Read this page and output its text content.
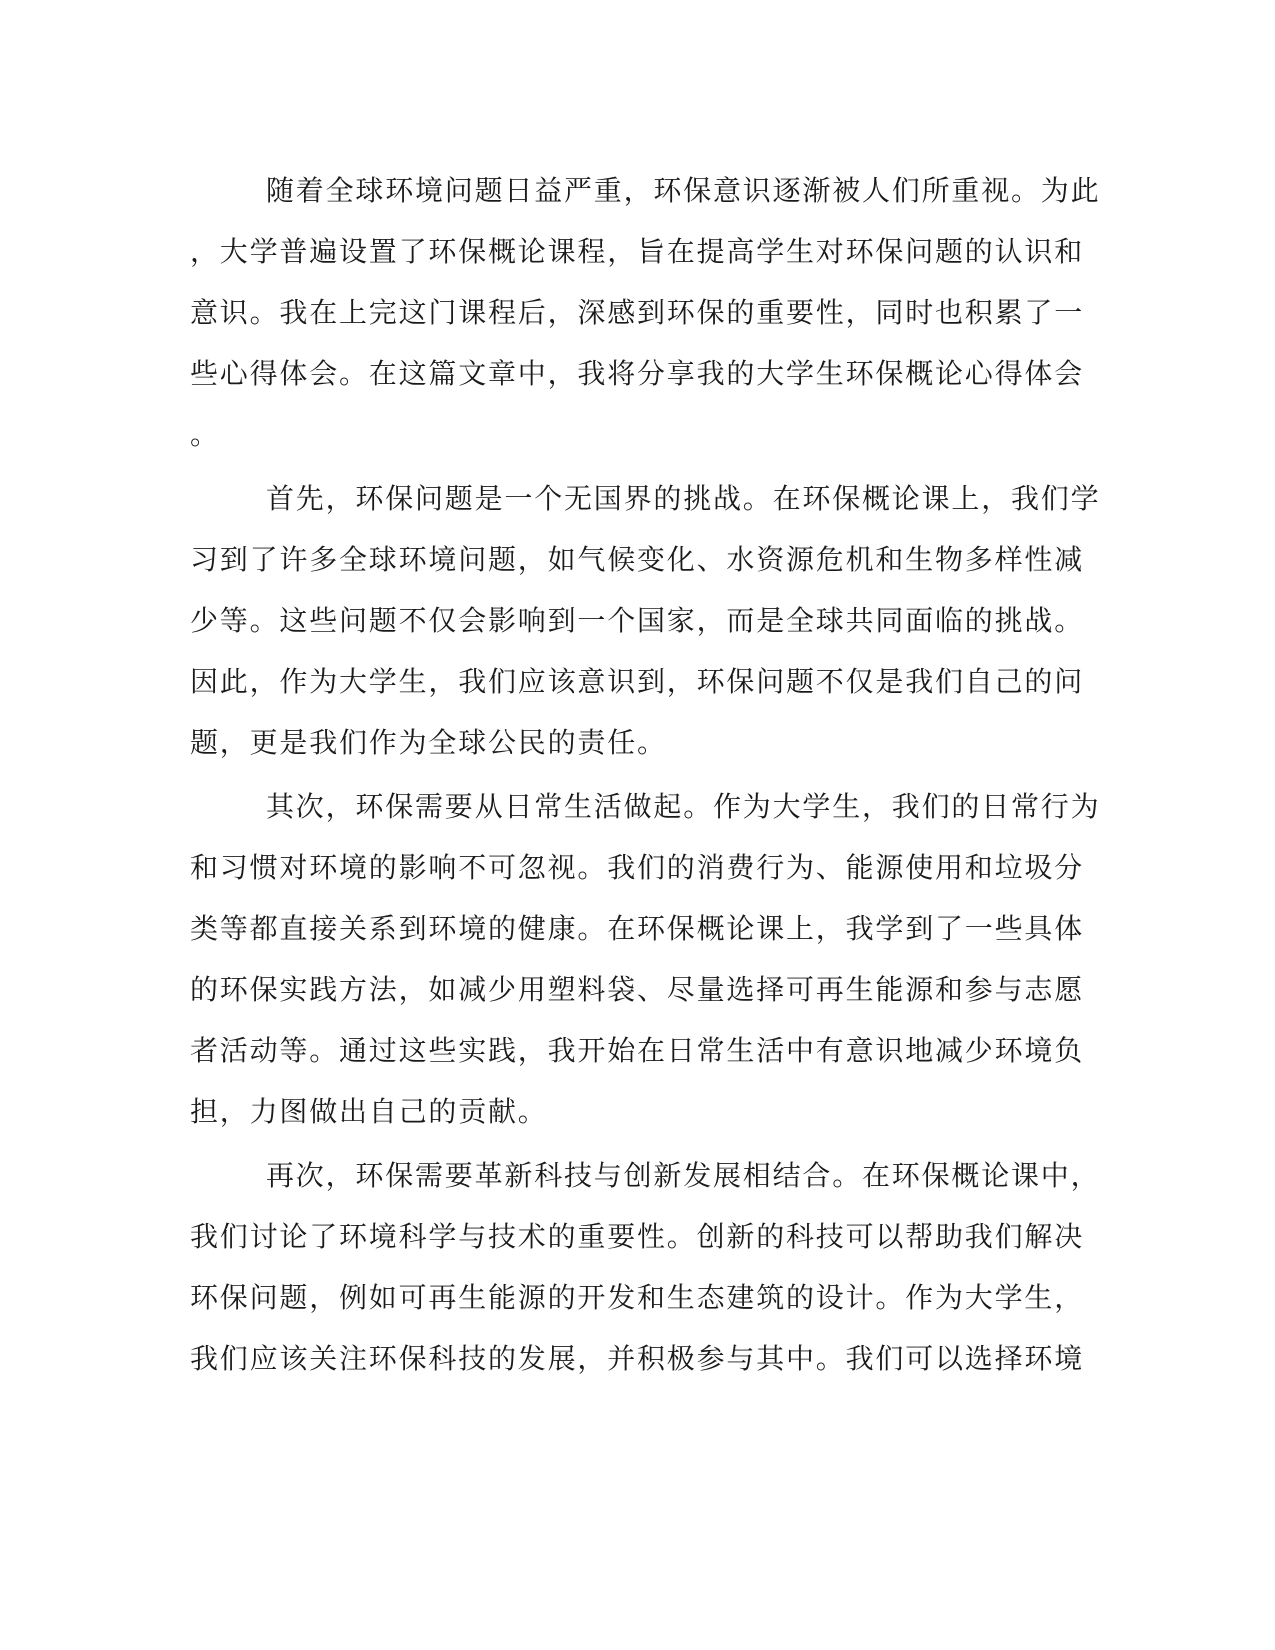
随着全球环境问题日益严重，环保意识逐渐被人们所重视。为此
，大学普遍设置了环保概论课程，旨在提高学生对环保问题的认识和
意识。我在上完这门课程后，深感到环保的重要性，同时也积累了一
些心得体会。在这篇文章中，我将分享我的大学生环保概论心得体会
。
首先，环保问题是一个无国界的挑战。在环保概论课上，我们学
习到了许多全球环境问题，如气候变化、水资源危机和生物多样性减
少等。这些问题不仅会影响到一个国家，而是全球共同面临的挑战。
因此，作为大学生，我们应该意识到，环保问题不仅是我们自己的问
题，更是我们作为全球公民的责任。
其次，环保需要从日常生活做起。作为大学生，我们的日常行为
和习惯对环境的影响不可忽视。我们的消费行为、能源使用和垃圾分
类等都直接关系到环境的健康。在环保概论课上，我学到了一些具体
的环保实践方法，如减少用塑料袋、尽量选择可再生能源和参与志愿
者活动等。通过这些实践，我开始在日常生活中有意识地减少环境负
担，力图做出自己的贡献。
再次，环保需要革新科技与创新发展相结合。在环保概论课中，
我们讨论了环境科学与技术的重要性。创新的科技可以帮助我们解决
环保问题，例如可再生能源的开发和生态建筑的设计。作为大学生，
我们应该关注环保科技的发展，并积极参与其中。我们可以选择环境
